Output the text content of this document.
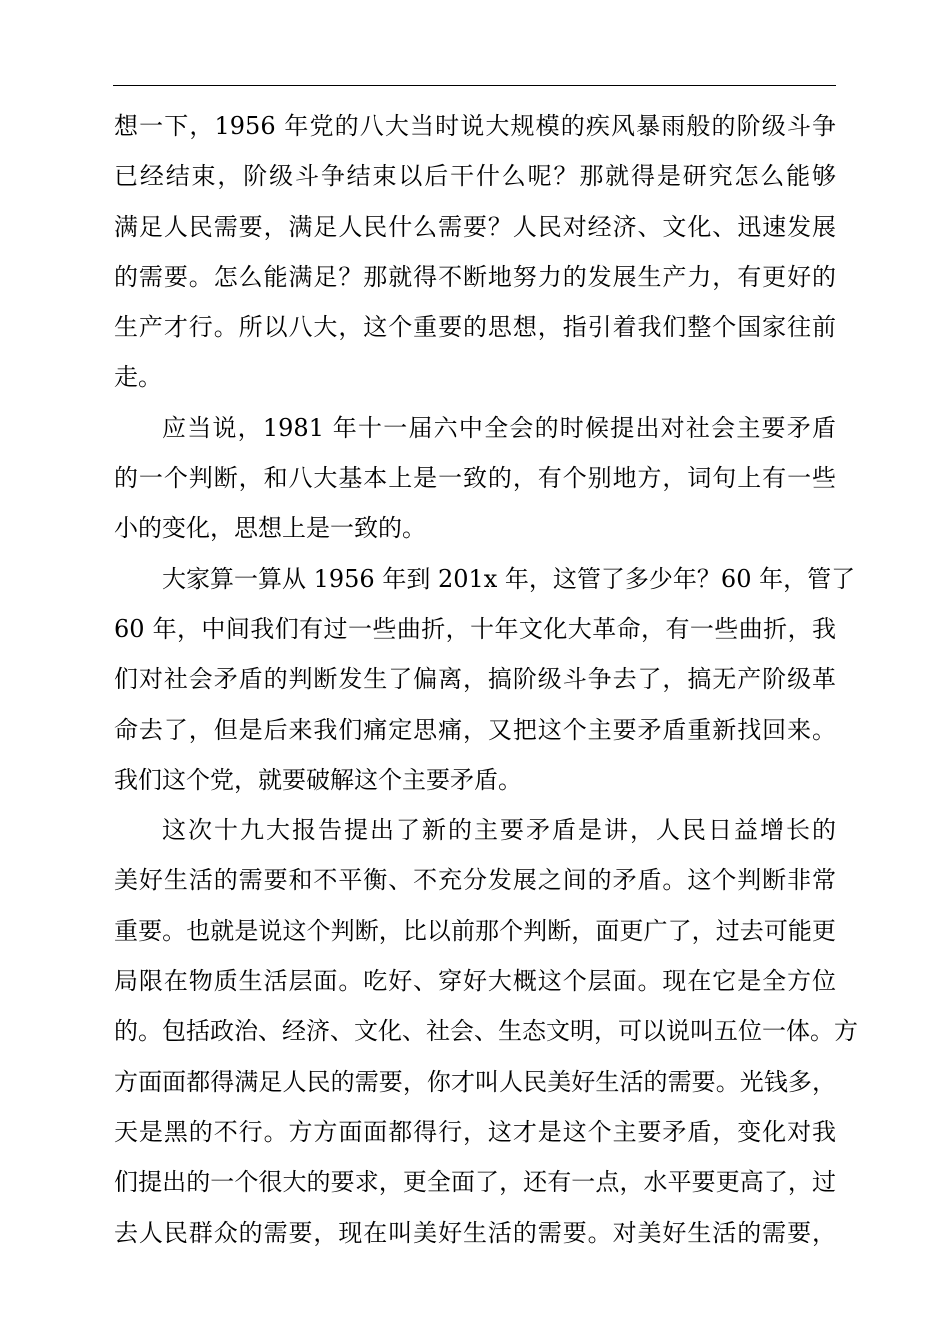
想一下，1956 年党的八大当时说大规模的疾风暴雨般的阶级斗争
已经结束，阶级斗争结束以后干什么呢？那就得是研究怎么能够
满足人民需要，满足人民什么需要？人民对经济、文化、迅速发展
的需要。怎么能满足？那就得不断地努力的发展生产力，有更好的
生产才行。所以八大，这个重要的思想，指引着我们整个国家往前
走。
应当说，1981 年十一届六中全会的时候提出对社会主要矛盾
的一个判断，和八大基本上是一致的，有个别地方，词句上有一些
小的变化，思想上是一致的。
大家算一算从 1956 年到 201x 年，这管了多少年？60 年，管了
60 年，中间我们有过一些曲折，十年文化大革命，有一些曲折，我
们对社会矛盾的判断发生了偏离，搞阶级斗争去了，搞无产阶级革
命去了，但是后来我们痛定思痛，又把这个主要矛盾重新找回来。
我们这个党，就要破解这个主要矛盾。
这次十九大报告提出了新的主要矛盾是讲，人民日益增长的
美好生活的需要和不平衡、不充分发展之间的矛盾。这个判断非常
重要。也就是说这个判断，比以前那个判断，面更广了，过去可能更
局限在物质生活层面。吃好、穿好大概这个层面。现在它是全方位
的。包括政治、经济、文化、社会、生态文明，可以说叫五位一体。方
方面面都得满足人民的需要，你才叫人民美好生活的需要。光钱多，
天是黑的不行。方方面面都得行，这才是这个主要矛盾，变化对我
们提出的一个很大的要求，更全面了，还有一点，水平要更高了，过
去人民群众的需要，现在叫美好生活的需要。对美好生活的需要，
